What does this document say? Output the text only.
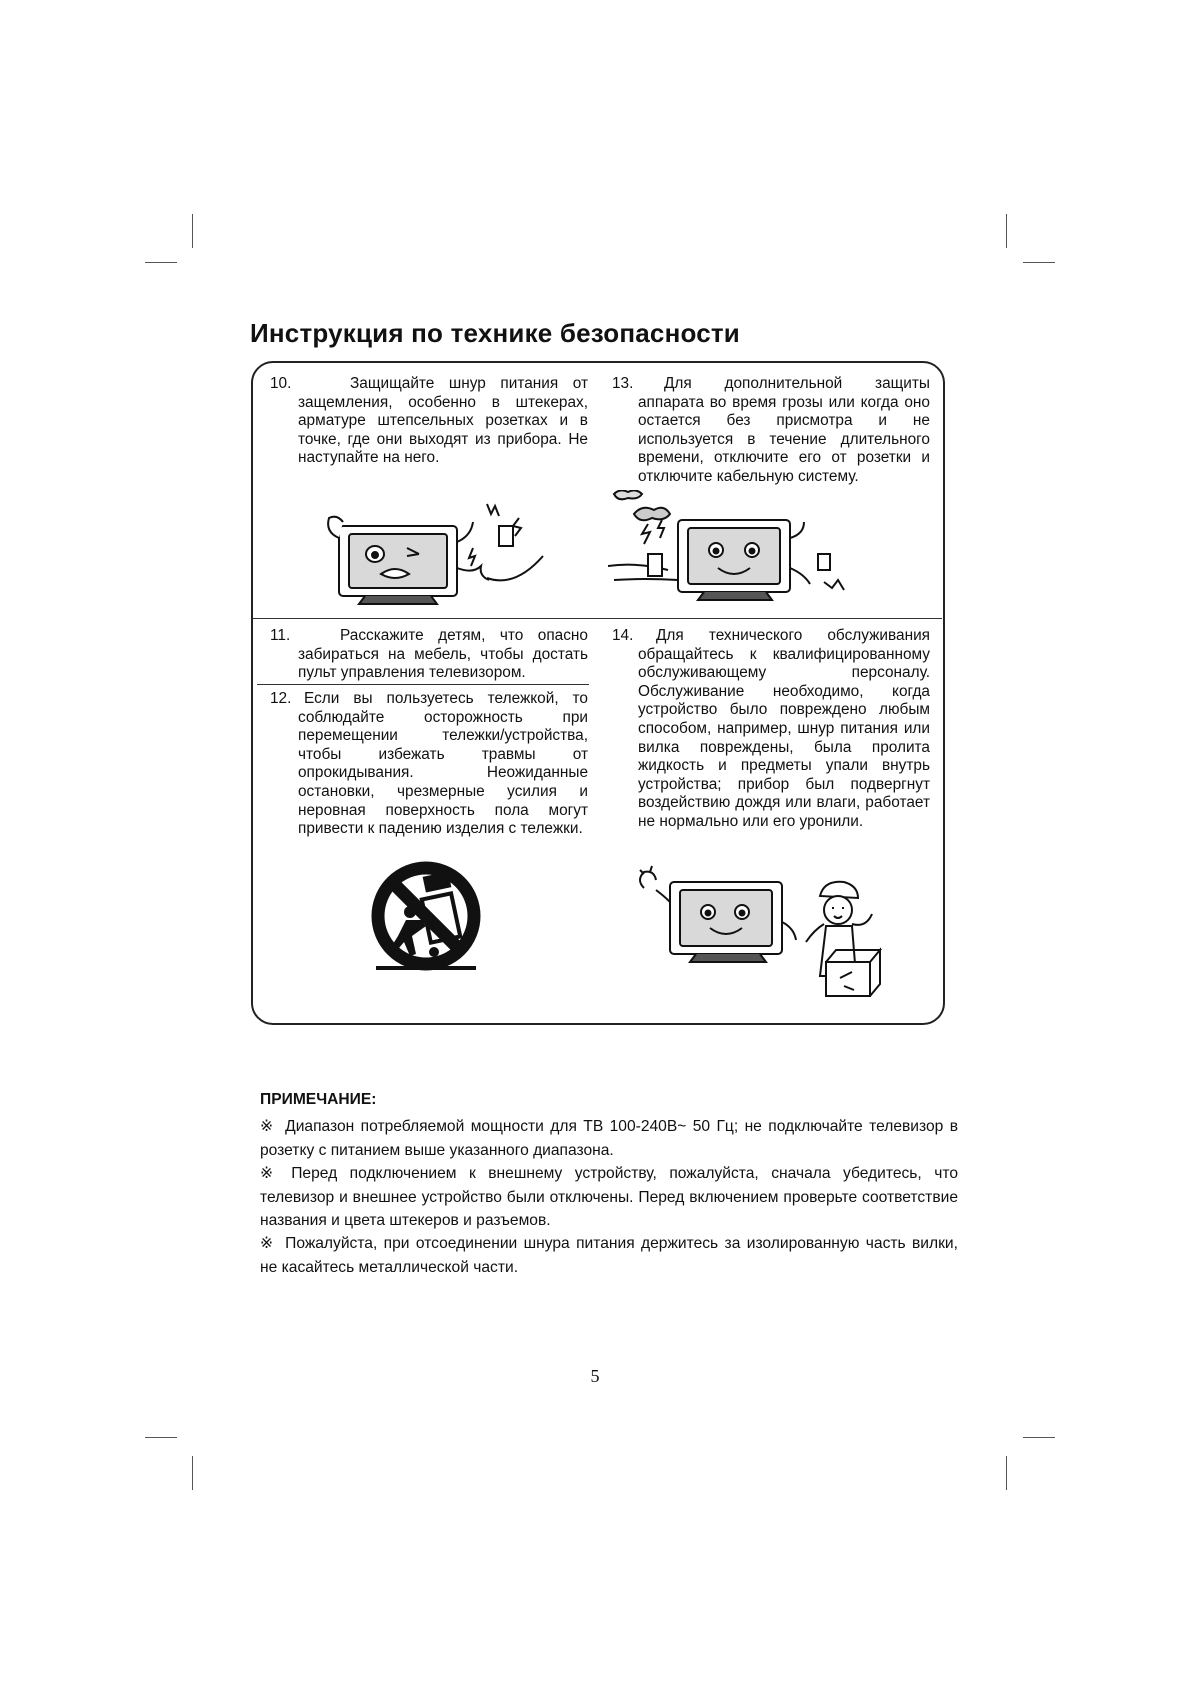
Инструкция по технике безопасности
10.	Защищайте шнур питания от защемления, особенно в штекерах, арматуре штепсельных розетках и в точке, где они выходят из прибора. Не наступайте на него.
13.	Для дополнительной защиты аппарата во время грозы или когда оно остается без присмотра и не используется в течение длительного времени, отключите его от розетки и отключите кабельную систему.
11.	Расскажите детям, что опасно забираться на мебель, чтобы достать пульт управления телевизором.
12. Если вы пользуетесь тележкой, то соблюдайте осторожность при перемещении тележки/устройства, чтобы избежать травмы от опрокидывания. Неожиданные остановки, чрезмерные усилия и неровная поверхность пола могут привести к падению изделия с тележки.
14.	Для технического обслуживания обращайтесь к квалифицированному обслуживающему персоналу. Обслуживание необходимо, когда устройство было повреждено любым способом, например, шнур питания или вилка повреждены, была пролита жидкость и предметы упали внутрь устройства; прибор был подвергнут воздействию дождя или влаги, работает не нормально или его уронили.
ПРИМЕЧАНИЕ:

※ Диапазон потребляемой мощности для ТВ 100-240В~ 50 Гц; не подключайте телевизор в розетку с питанием выше указанного диапазона.

※ Перед подключением к внешнему устройству, пожалуйста, сначала убедитесь, что телевизор и внешнее устройство были отключены. Перед включением проверьте соответствие названия и цвета штекеров и разъемов.

※ Пожалуйста, при отсоединении шнура питания держитесь за изолированную часть вилки, не касайтесь металлической части.

5
